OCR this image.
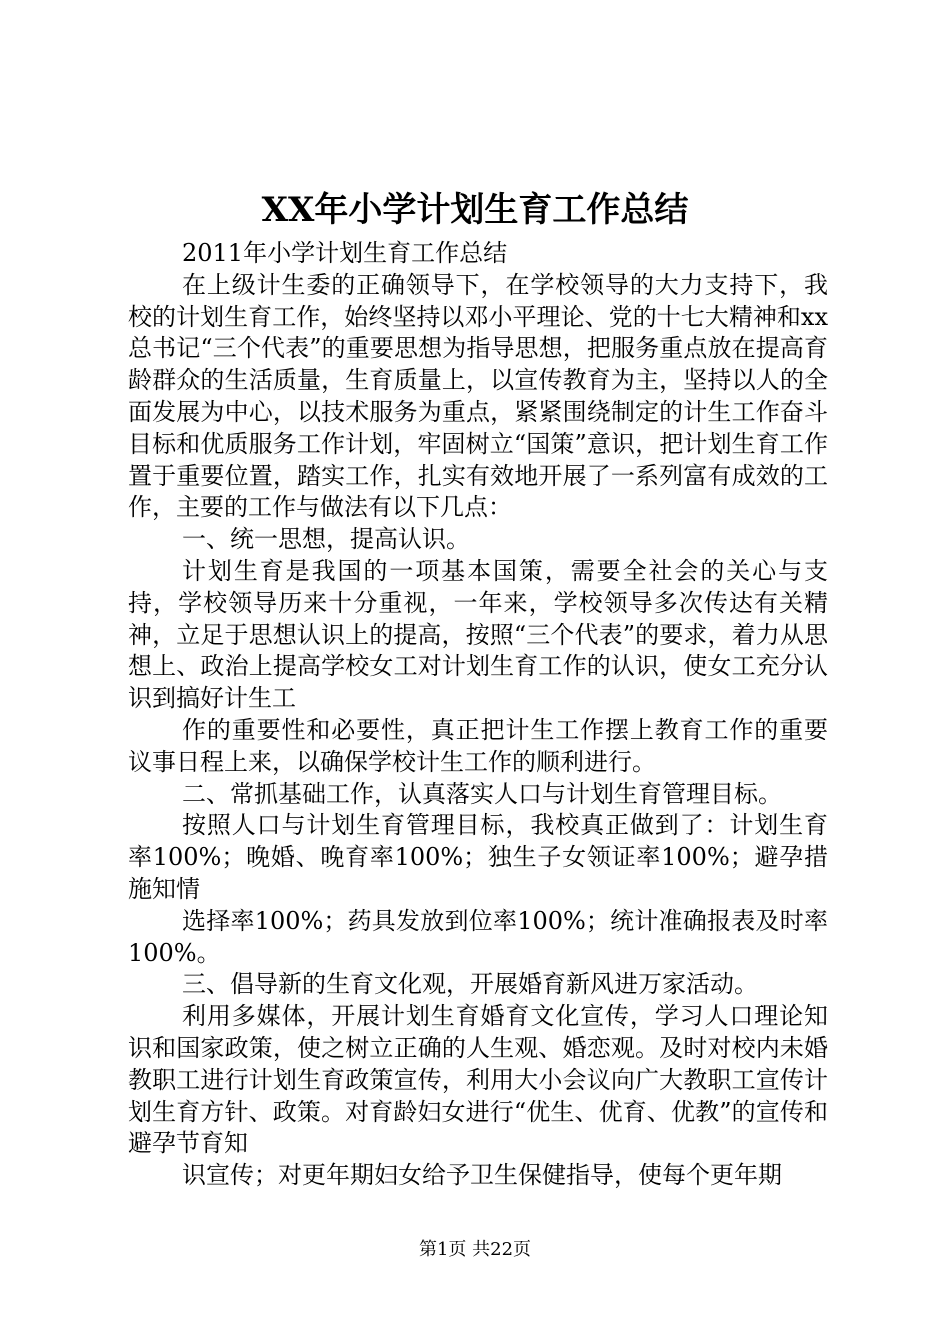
XX年小学计划生育工作总结

2011年小学计划生育工作总结

在上级计生委的正确领导下，在学校领导的大力支持下，我校的计划生育工作，始终坚持以邓小平理论、党的十七大精神和xx总书记“三个代表”的重要思想为指导思想，把服务重点放在提高育龄群众的生活质量，生育质量上，以宣传教育为主，坚持以人的全面发展为中心，以技术服务为重点，紧紧围绕制定的计生工作奋斗目标和优质服务工作计划，牢固树立“国策”意识，把计划生育工作置于重要位置，踏实工作，扎实有效地开展了一系列富有成效的工作，主要的工作与做法有以下几点：

一、统一思想，提高认识。

计划生育是我国的一项基本国策，需要全社会的关心与支持，学校领导历来十分重视，一年来，学校领导多次传达有关精神，立足于思想认识上的提高，按照“三个代表”的要求，着力从思想上、政治上提高学校女工对计划生育工作的认识，使女工充分认识到搞好计生工

作的重要性和必要性，真正把计生工作摆上教育工作的重要议事日程上来，以确保学校计生工作的顺利进行。

二、常抓基础工作，认真落实人口与计划生育管理目标。

按照人口与计划生育管理目标，我校真正做到了：计划生育率100%；晚婚、晚育率100%；独生子女领证率100%；避孕措施知情

选择率100%；药具发放到位率100%；统计准确报表及时率100%。

三、倡导新的生育文化观，开展婚育新风进万家活动。

利用多媒体，开展计划生育婚育文化宣传，学习人口理论知识和国家政策，使之树立正确的人生观、婚恋观。及时对校内未婚教职工进行计划生育政策宣传，利用大小会议向广大教职工宣传计划生育方针、政策。对育龄妇女进行“优生、优育、优教”的宣传和避孕节育知

识宣传；对更年期妇女给予卫生保健指导，使每个更年期

第1页 共22页
